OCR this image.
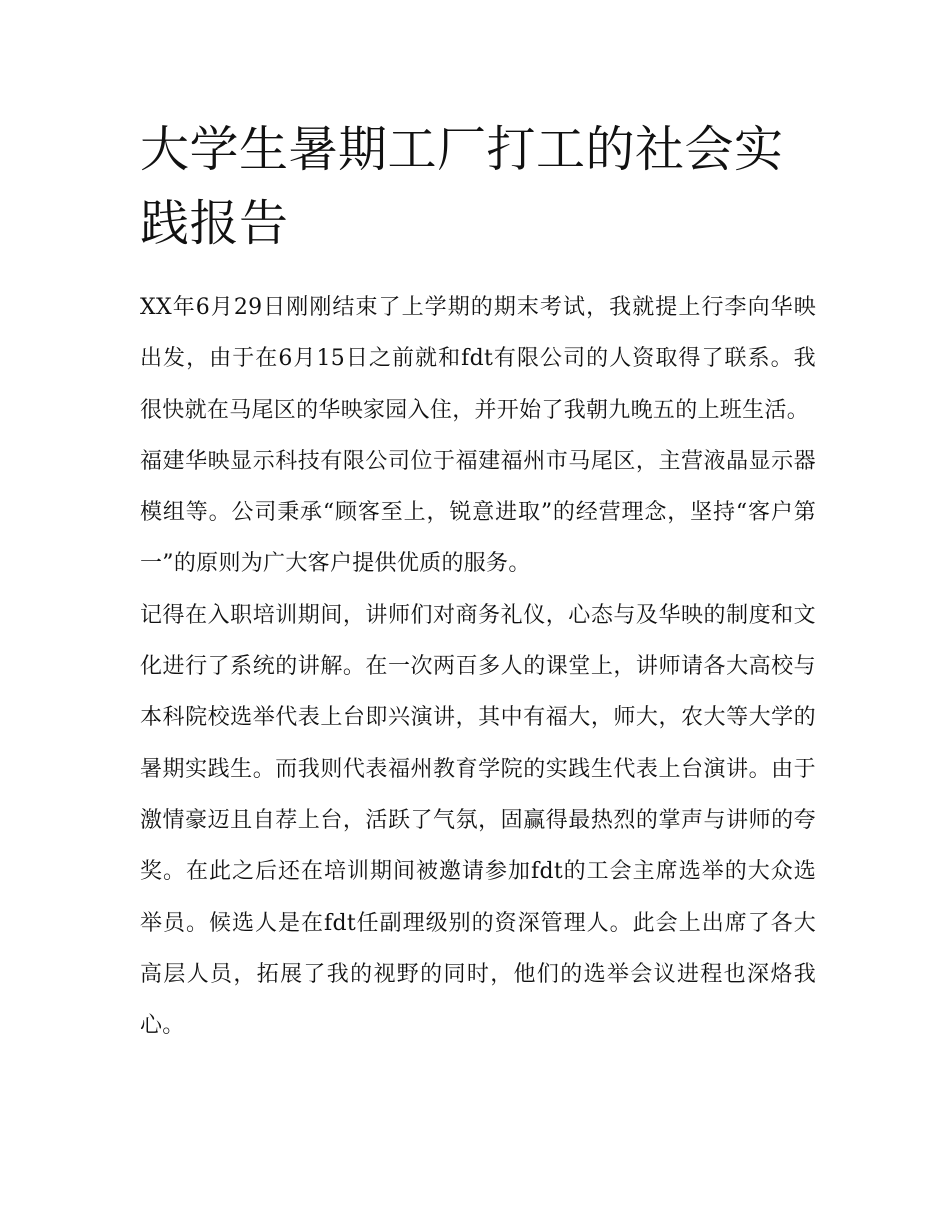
大学生暑期工厂打工的社会实践报告

XX年6月29日刚刚结束了上学期的期末考试，我就提上行李向华映出发，由于在6月15日之前就和fdt有限公司的人资取得了联系。我很快就在马尾区的华映家园入住，并开始了我朝九晚五的上班生活。

福建华映显示科技有限公司位于福建福州市马尾区，主营液晶显示器模组等。公司秉承“顾客至上，锐意进取”的经营理念，坚持“客户第一”的原则为广大客户提供优质的服务。

记得在入职培训期间，讲师们对商务礼仪，心态与及华映的制度和文化进行了系统的讲解。在一次两百多人的课堂上，讲师请各大高校与本科院校选举代表上台即兴演讲，其中有福大，师大，农大等大学的暑期实践生。而我则代表福州教育学院的实践生代表上台演讲。由于激情豪迈且自荐上台，活跃了气氛，固赢得最热烈的掌声与讲师的夸奖。在此之后还在培训期间被邀请参加fdt的工会主席选举的大众选举员。候选人是在fdt任副理级别的资深管理人。此会上出席了各大高层人员，拓展了我的视野的同时，他们的选举会议进程也深烙我心。
